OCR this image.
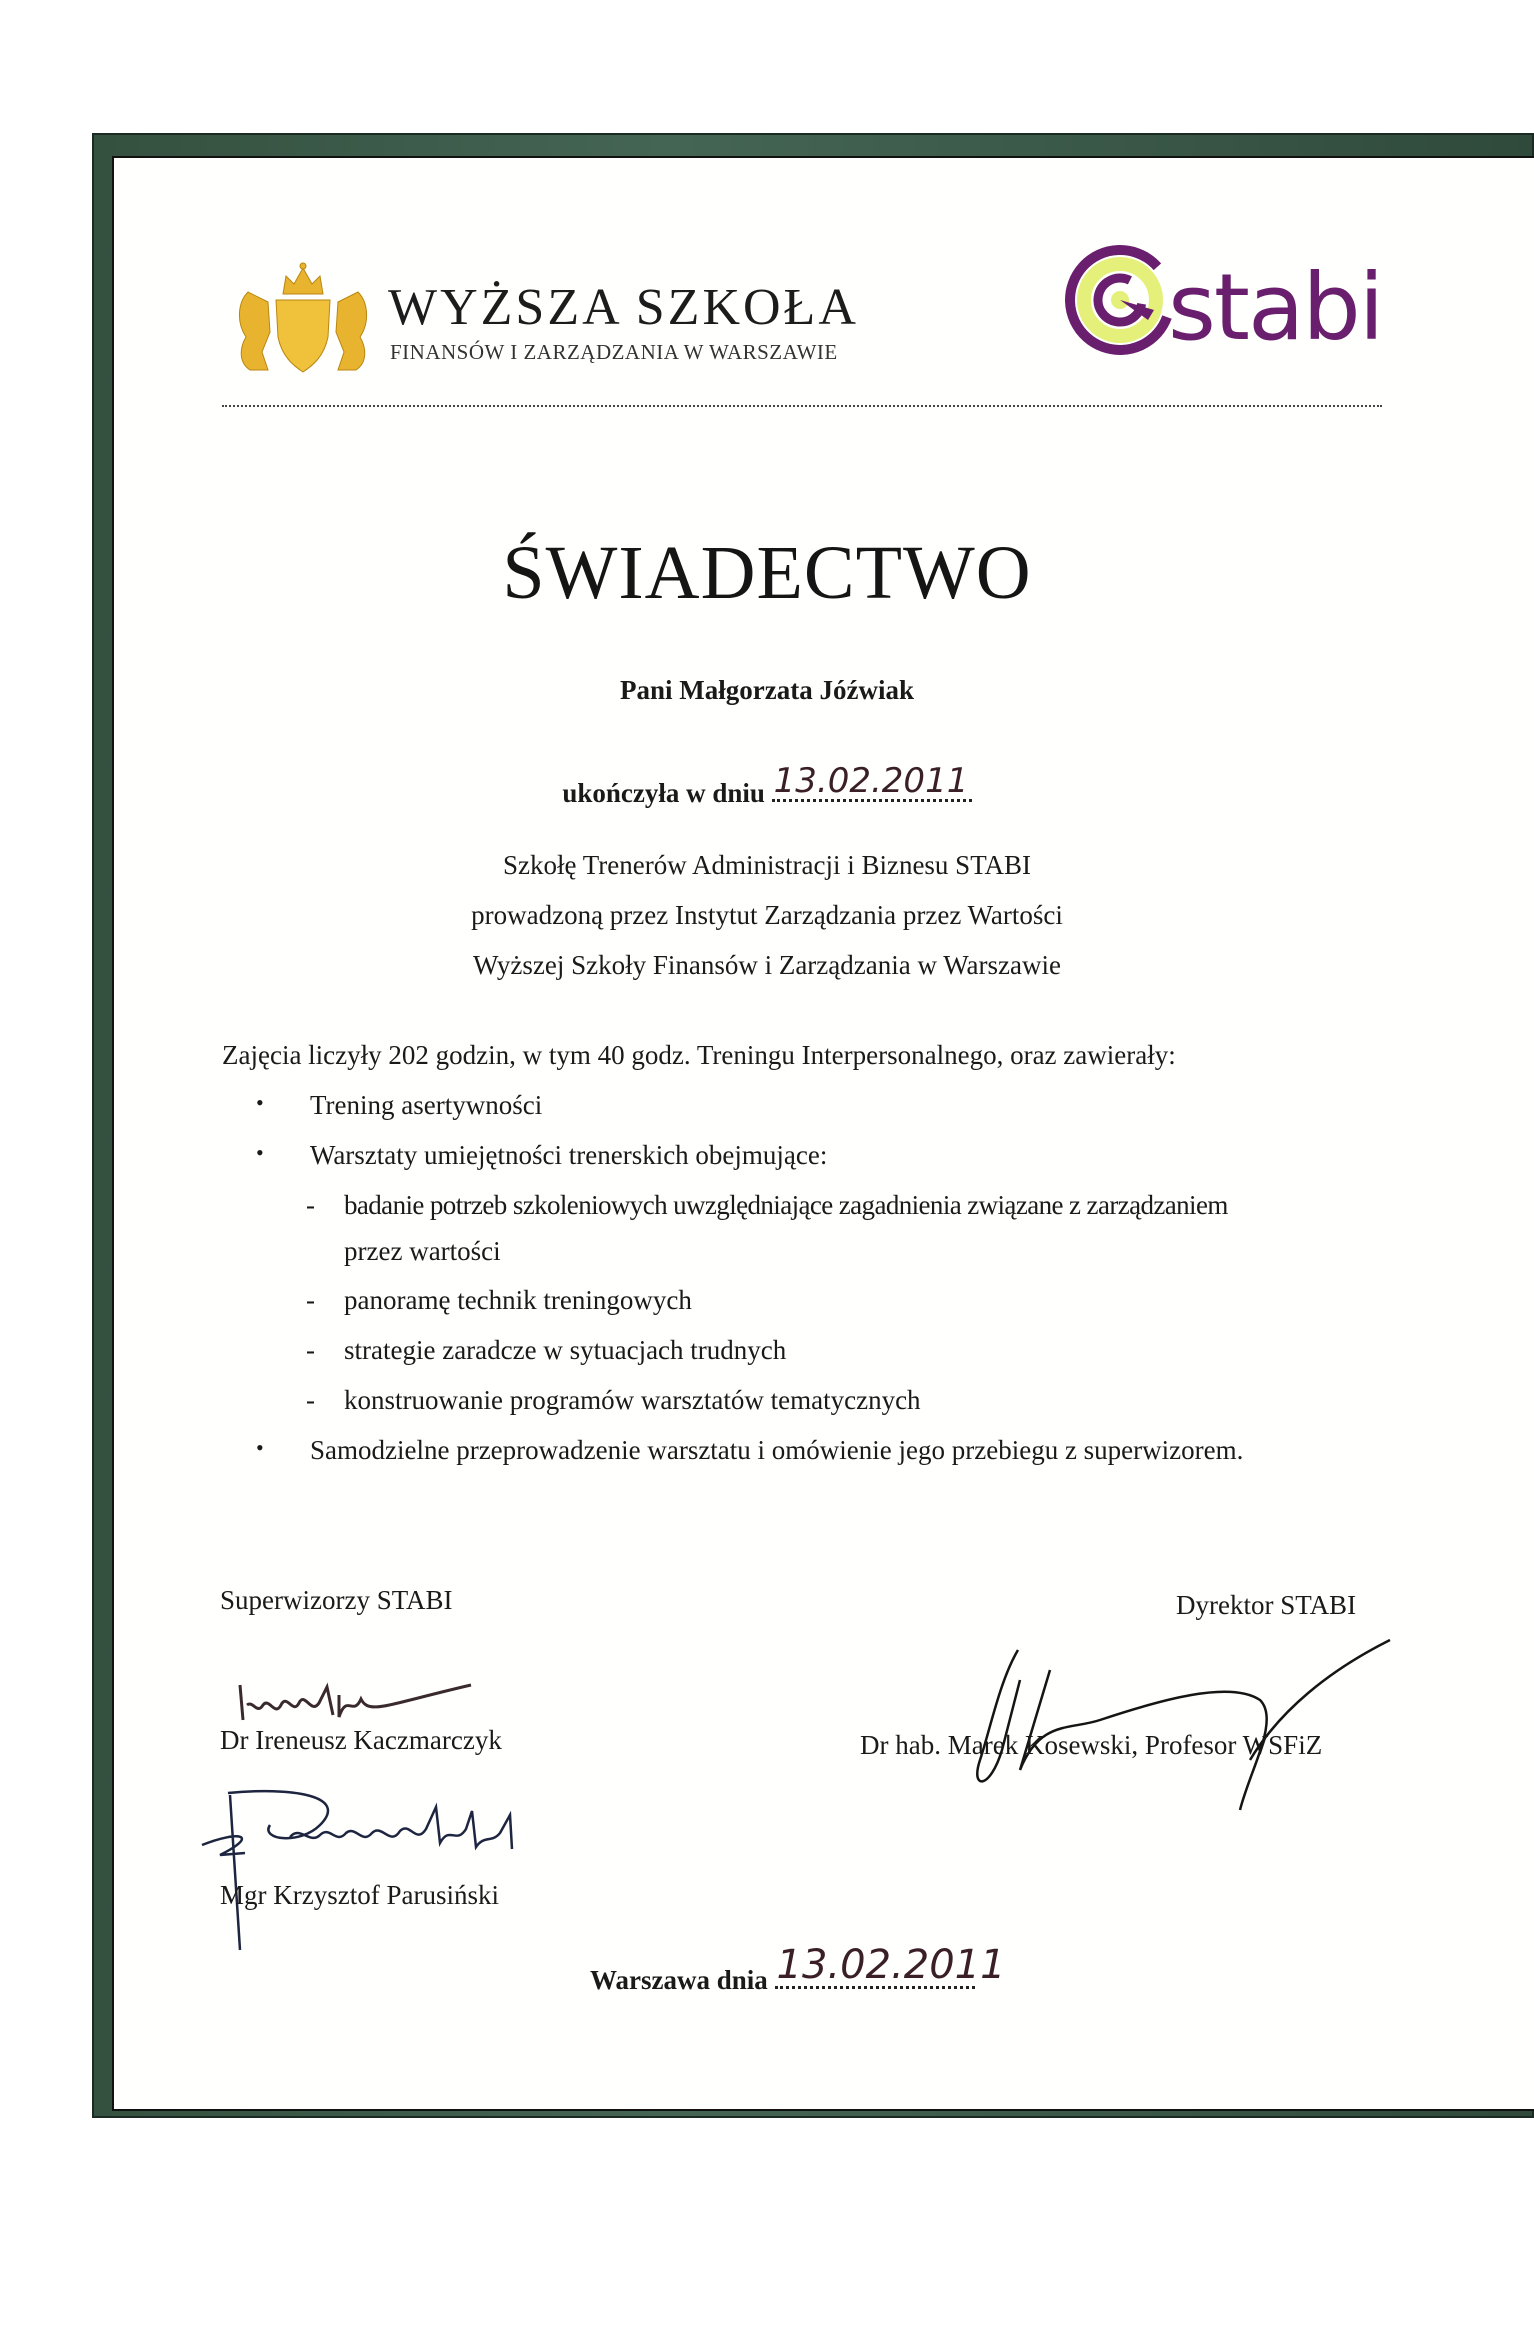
WYŻSZA SZKOŁA
FINANSÓW I ZARZĄDZANIA W WARSZAWIE	stabi
ŚWIADECTWO
Pani Małgorzata Jóźwiak
ukończyła w dniu 13.02.2011
Szkołę Trenerów Administracji i Biznesu STABI
prowadzoną przez Instytut Zarządzania przez Wartości
Wyższej Szkoły Finansów i Zarządzania w Warszawie
Zajęcia liczyły 202 godzin, w tym 40 godz. Treningu Interpersonalnego, oraz zawierały:
• Trening asertywności
• Warsztaty umiejętności trenerskich obejmujące:
- badanie potrzeb szkoleniowych uwzględniające zagadnienia związane z zarządzaniem
przez wartości
- panoramę technik treningowych
- strategie zaradcze w sytuacjach trudnych
- konstruowanie programów warsztatów tematycznych
• Samodzielne przeprowadzenie warsztatu i omówienie jego przebiegu z superwizorem.
Superwizorzy STABI
Dr Ireneusz Kaczmarczyk
Mgr Krzysztof Parusiński
Dyrektor STABI
Dr hab. Marek Kosewski, Profesor WSFiZ
Warszawa dnia 13.02.2011
